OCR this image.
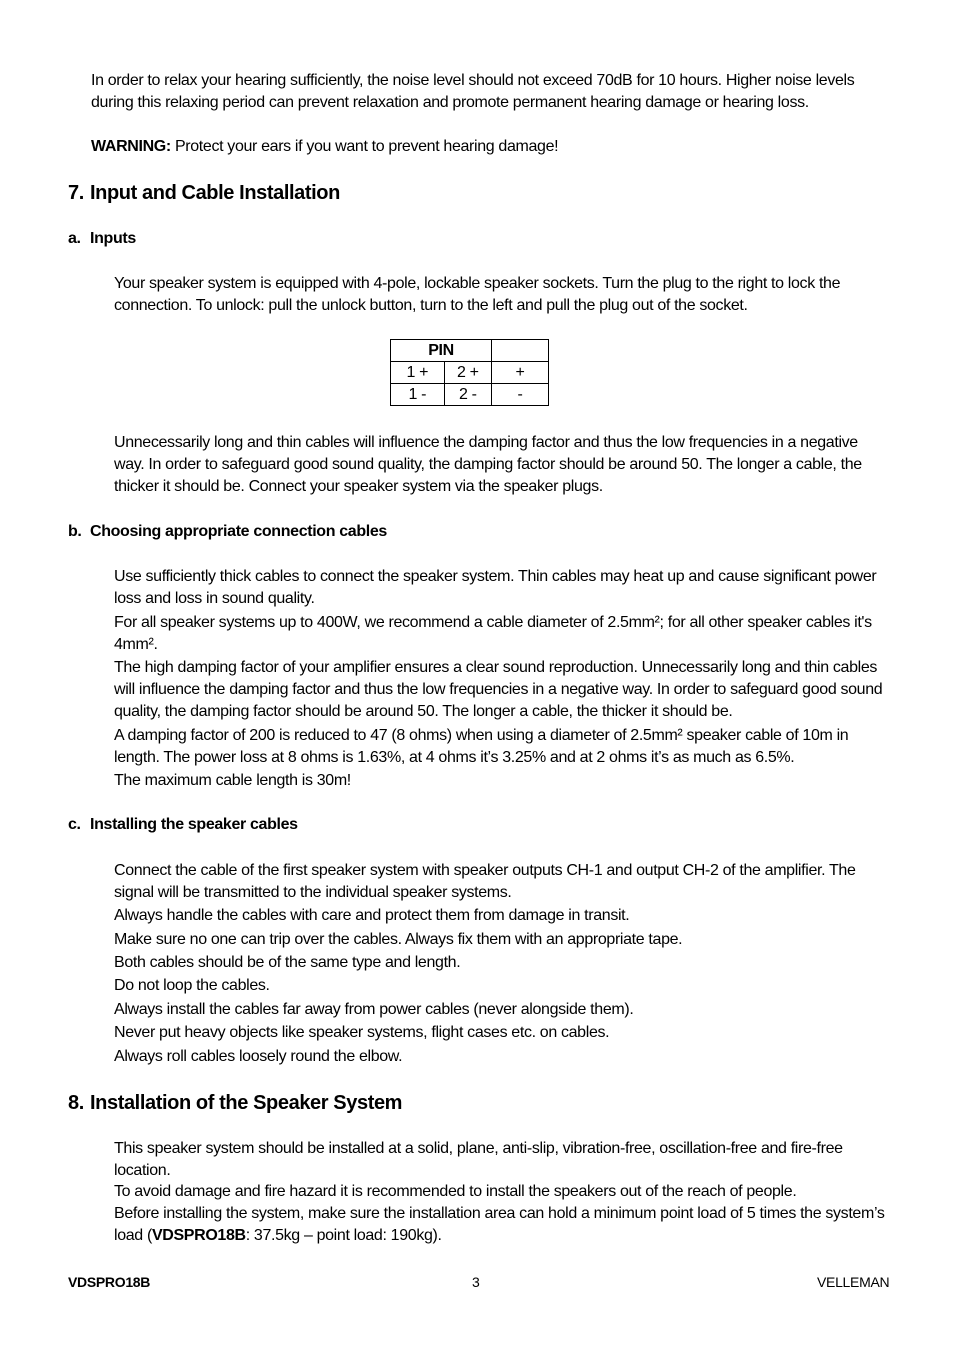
In order to relax your hearing sufficiently, the noise level should not exceed 70dB for 10 hours. Higher noise levels during this relaxing period can prevent relaxation and promote permanent hearing damage or hearing loss.

WARNING: Protect your ears if you want to prevent hearing damage!

7. Input and Cable Installation
a. Inputs

Your speaker system is equipped with 4-pole, lockable speaker sockets. Turn the plug to the right to lock the connection. To unlock: pull the unlock button, turn to the left and pull the plug out of the socket.

PIN		
1 +	2 +	+
1 -	2 -	-

Unnecessarily long and thin cables will influence the damping factor and thus the low frequencies in a negative way. In order to safeguard good sound quality, the damping factor should be around 50. The longer a cable, the thicker it should be. Connect your speaker system via the speaker plugs.

b. Choosing appropriate connection cables

Use sufficiently thick cables to connect the speaker system. Thin cables may heat up and cause significant power loss and loss in sound quality.

For all speaker systems up to 400W, we recommend a cable diameter of 2.5mm²; for all other speaker cables it's 4mm².

The high damping factor of your amplifier ensures a clear sound reproduction. Unnecessarily long and thin cables will influence the damping factor and thus the low frequencies in a negative way. In order to safeguard good sound quality, the damping factor should be around 50. The longer a cable, the thicker it should be.

A damping factor of 200 is reduced to 47 (8 ohms) when using a diameter of 2.5mm² speaker cable of 10m in length. The power loss at 8 ohms is 1.63%, at 4 ohms it’s 3.25% and at 2 ohms it’s as much as 6.5%.

The maximum cable length is 30m!

c. Installing the speaker cables

Connect the cable of the first speaker system with speaker outputs CH-1 and output CH-2 of the amplifier. The signal will be transmitted to the individual speaker systems.

Always handle the cables with care and protect them from damage in transit.

Make sure no one can trip over the cables. Always fix them with an appropriate tape.

Both cables should be of the same type and length.

Do not loop the cables.

Always install the cables far away from power cables (never alongside them).

Never put heavy objects like speaker systems, flight cases etc. on cables.

Always roll cables loosely round the elbow.

8. Installation of the Speaker System

This speaker system should be installed at a solid, plane, anti-slip, vibration-free, oscillation-free and fire-free location.

To avoid damage and fire hazard it is recommended to install the speakers out of the reach of people.

Before installing the system, make sure the installation area can hold a minimum point load of 5 times the system’s load (VDSPRO18B: 37.5kg – point load: 190kg).

VDSPRO18B	3	VELLEMAN
